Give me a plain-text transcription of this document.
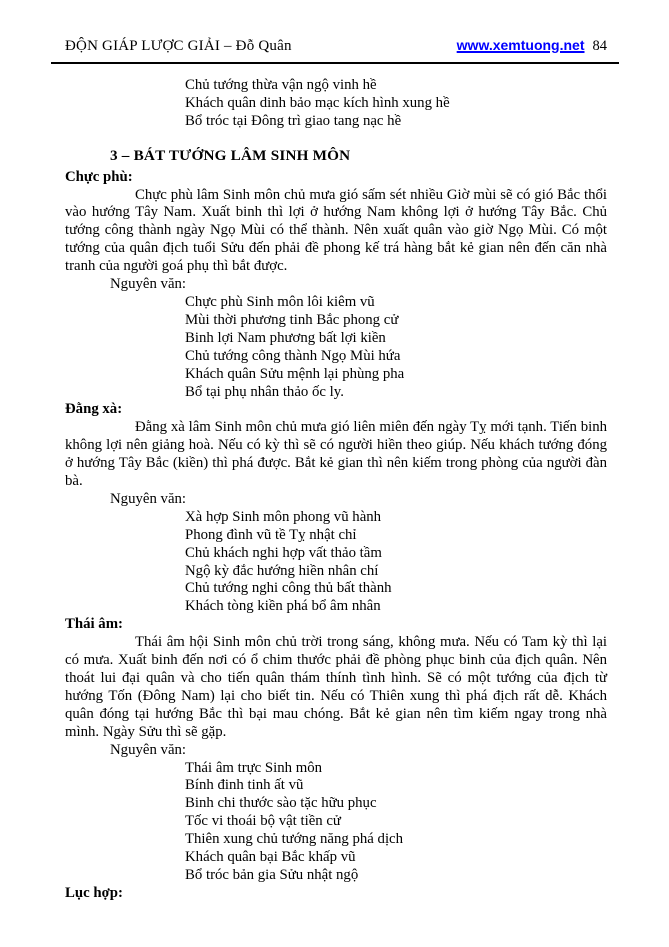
ĐỘN GIÁP LƯỢC GIẢI – Đỗ Quân	www.xemtuong.net 84
Chủ tướng thừa vận ngộ vinh hề
Khách quân dinh bảo mạc kích hình xung hề
Bổ tróc tại Đông trì giao tang nạc hề
3 – BÁT TƯỚNG LÂM SINH MÔN
Chực phù:
Chực phù lâm Sinh môn chủ mưa gió sấm sét nhiều Giờ mùi sẽ có gió Bắc thổi vào hướng Tây Nam. Xuất binh thì lợi ở hướng Nam không lợi ở hướng Tây Bắc. Chủ tướng công thành ngày Ngọ Mùi có thể thành. Nên xuất quân vào giờ Ngọ Mùi. Có một tướng của quân địch tuổi Sửu đến phải đề phong kế trá hàng bắt kẻ gian nên đến căn nhà tranh của người goá phụ thì bắt được.
Nguyên văn:
Chực phù Sinh môn lôi kiêm vũ
Mùi thời phương tinh Bắc phong cử
Binh lợi Nam phương bất lợi kiền
Chủ tướng công thành Ngọ Mùi hứa
Khách quân Sửu mệnh lại phùng pha
Bổ tại phụ nhân thảo ốc ly.
Đằng xà:
Đằng xà lâm Sinh môn chủ mưa gió liên miên đến ngày Tỵ mới tạnh. Tiến binh không lợi nên giảng hoà. Nếu có kỳ thì sẽ có người hiền theo giúp. Nếu khách tướng đóng ở hướng Tây Bắc (kiền) thì phá được. Bắt kẻ gian thì nên kiếm trong phòng của người đàn bà.
Nguyên văn:
Xà hợp Sinh môn phong vũ hành
Phong đình vũ tề Tỵ nhật chỉ
Chủ khách nghi hợp vất thảo tầm
Ngộ kỳ đắc hướng hiền nhân chí
Chủ tướng nghi công thủ bất thành
Khách tòng kiền phá bổ âm nhân
Thái âm:
Thái âm hội Sinh môn chủ trời trong sáng, không mưa. Nếu có Tam kỳ thì lại có mưa. Xuất binh đến nơi có ổ chim thước phải đề phòng phục binh của địch quân. Nên thoát lui đại quân và cho tiến quân thám thính tình hình. Sẽ có một tướng của địch từ hướng Tốn (Đông Nam) lại cho biết tin. Nếu có Thiên xung thì phá địch rất dễ. Khách quân đóng tại hướng Bắc thì bại mau chóng. Bắt kẻ gian nên tìm kiếm ngay trong nhà mình. Ngày Sửu thì sẽ gặp.
Nguyên văn:
Thái âm trực Sinh môn
Bính đinh tinh ất vũ
Binh chi thước sào tặc hữu phục
Tốc vi thoái bộ vật tiền cử
Thiên xung chủ tướng năng phá dịch
Khách quân bại Bắc khấp vũ
Bổ tróc bản gia Sửu nhật ngộ
Lục hợp:
